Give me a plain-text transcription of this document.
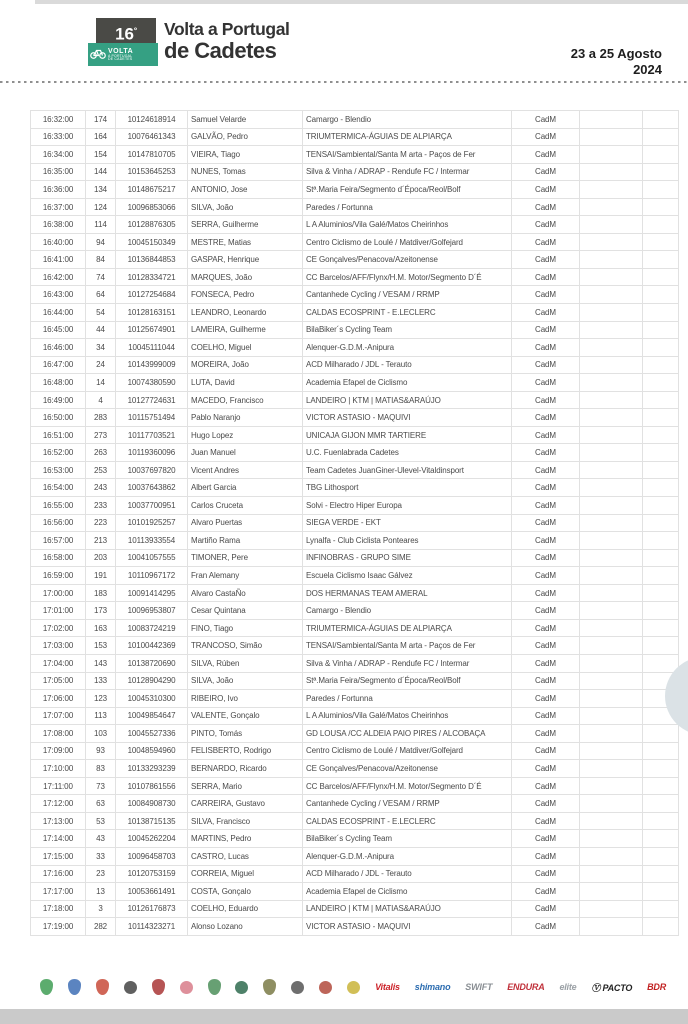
$16^º$
VOLTA
A PORTUGAL
DE CADETES
Volta a Portugal
de Cadetes	23 a 25 Agosto
2024
16:32:00	174	10124618914	Samuel Velarde	Camargo - Blendio	CadM		
16:33:00	164	10076461343	GALVÃO, Pedro	TRIUMTERMICA-ÁGUIAS DE ALPIARÇA	CadM		
16:34:00	154	10147810705	VIEIRA, Tiago	TENSAI/Sambiental/Santa M arta - Paços de Fer	CadM		
16:35:00	144	10153645253	NUNES, Tomas	Silva & Vinha / ADRAP - Rendufe FC / Intermar	CadM		
16:36:00	134	10148675217	ANTONIO, Jose	Stª.Maria Feira/Segmento d´Época/Reol/Bolf	CadM		
16:37:00	124	10096853066	SILVA, João	Paredes / Fortunna	CadM		
16:38:00	114	10128876305	SERRA, Guilherme	L A Aluminios/Vila Galé/Matos Cheirinhos	CadM		
16:40:00	94	10045150349	MESTRE, Matias	Centro Ciclismo de Loulé / Matdiver/Golfejard	CadM		
16:41:00	84	10136844853	GASPAR, Henrique	CE Gonçalves/Penacova/Azeitonense	CadM		
16:42:00	74	10128334721	MARQUES, João	CC Barcelos/AFF/Flynx/H.M. Motor/Segmento D´É	CadM		
16:43:00	64	10127254684	FONSECA, Pedro	Cantanhede Cycling / VESAM / RRMP	CadM		
16:44:00	54	10128163151	LEANDRO, Leonardo	CALDAS ECOSPRINT - E.LECLERC	CadM		
16:45:00	44	10125674901	LAMEIRA, Guilherme	BilaBiker´s Cycling Team	CadM		
16:46:00	34	10045111044	COELHO, Miguel	Alenquer-G.D.M.-Anipura	CadM		
16:47:00	24	10143999009	MOREIRA, João	ACD Milharado / JDL - Terauto	CadM		
16:48:00	14	10074380590	LUTA, David	Academia Efapel de Ciclismo	CadM		
16:49:00	4	10127724631	MACEDO, Francisco	LANDEIRO | KTM | MATIAS&ARAÚJO	CadM		
16:50:00	283	10115751494	Pablo Naranjo	VICTOR ASTASIO - MAQUIVI	CadM		
16:51:00	273	10117703521	Hugo Lopez	UNICAJA GIJON MMR TARTIERE	CadM		
16:52:00	263	10119360096	Juan Manuel	U.C. Fuenlabrada Cadetes	CadM		
16:53:00	253	10037697820	Vicent Andres	Team Cadetes JuanGiner-Ulevel-Vitaldinsport	CadM		
16:54:00	243	10037643862	Albert Garcia	TBG Lithosport	CadM		
16:55:00	233	10037700951	Carlos Cruceta	Solvi - Electro Hiper Europa	CadM		
16:56:00	223	10101925257	Alvaro Puertas	SIEGA VERDE - EKT	CadM		
16:57:00	213	10113933554	Martiño Rama	Lynalfa - Club Ciclista Ponteares	CadM		
16:58:00	203	10041057555	TIMONER, Pere	INFINOBRAS - GRUPO SIME	CadM		
16:59:00	191	10110967172	Fran Alemany	Escuela Ciclismo Isaac Gálvez	CadM		
17:00:00	183	10091414295	Alvaro CastaÑo	DOS HERMANAS TEAM AMERAL	CadM		
17:01:00	173	10096953807	Cesar Quintana	Camargo - Blendio	CadM		
17:02:00	163	10083724219	FINO, Tiago	TRIUMTERMICA-ÁGUIAS DE ALPIARÇA	CadM		
17:03:00	153	10100442369	TRANCOSO, Simão	TENSAI/Sambiental/Santa M arta - Paços de Fer	CadM		
17:04:00	143	10138720690	SILVA, Rúben	Silva & Vinha / ADRAP - Rendufe FC / Intermar	CadM		
17:05:00	133	10128904290	SILVA, João	Stª.Maria Feira/Segmento d´Época/Reol/Bolf	CadM		
17:06:00	123	10045310300	RIBEIRO, Ivo	Paredes / Fortunna	CadM		
17:07:00	113	10049854647	VALENTE, Gonçalo	L A Aluminios/Vila Galé/Matos Cheirinhos	CadM		
17:08:00	103	10045527336	PINTO, Tomás	GD LOUSA /CC ALDEIA PAIO PIRES / ALCOBAÇA	CadM		
17:09:00	93	10048594960	FELISBERTO, Rodrigo	Centro Ciclismo de Loulé / Matdiver/Golfejard	CadM		
17:10:00	83	10133293239	BERNARDO, Ricardo	CE Gonçalves/Penacova/Azeitonense	CadM		
17:11:00	73	10107861556	SERRA, Mario	CC Barcelos/AFF/Flynx/H.M. Motor/Segmento D´É	CadM		
17:12:00	63	10084908730	CARREIRA, Gustavo	Cantanhede Cycling / VESAM / RRMP	CadM		
17:13:00	53	10138715135	SILVA, Francisco	CALDAS ECOSPRINT - E.LECLERC	CadM		
17:14:00	43	10045262204	MARTINS, Pedro	BilaBiker´s Cycling Team	CadM		
17:15:00	33	10096458703	CASTRO, Lucas	Alenquer-G.D.M.-Anipura	CadM		
17:16:00	23	10120753159	CORREIA, Miguel	ACD Milharado / JDL - Terauto	CadM		
17:17:00	13	10053661491	COSTA, Gonçalo	Academia Efapel de Ciclismo	CadM		
17:18:00	3	10126176873	COELHO, Eduardo	LANDEIRO | KTM | MATIAS&ARAÚJO	CadM		
17:19:00	282	10114323271	Alonso Lozano	VICTOR ASTASIO - MAQUIVI	CadM		
Vitalis shimano SWIFT ENDURA elite Ⓥ PACTO BDR
